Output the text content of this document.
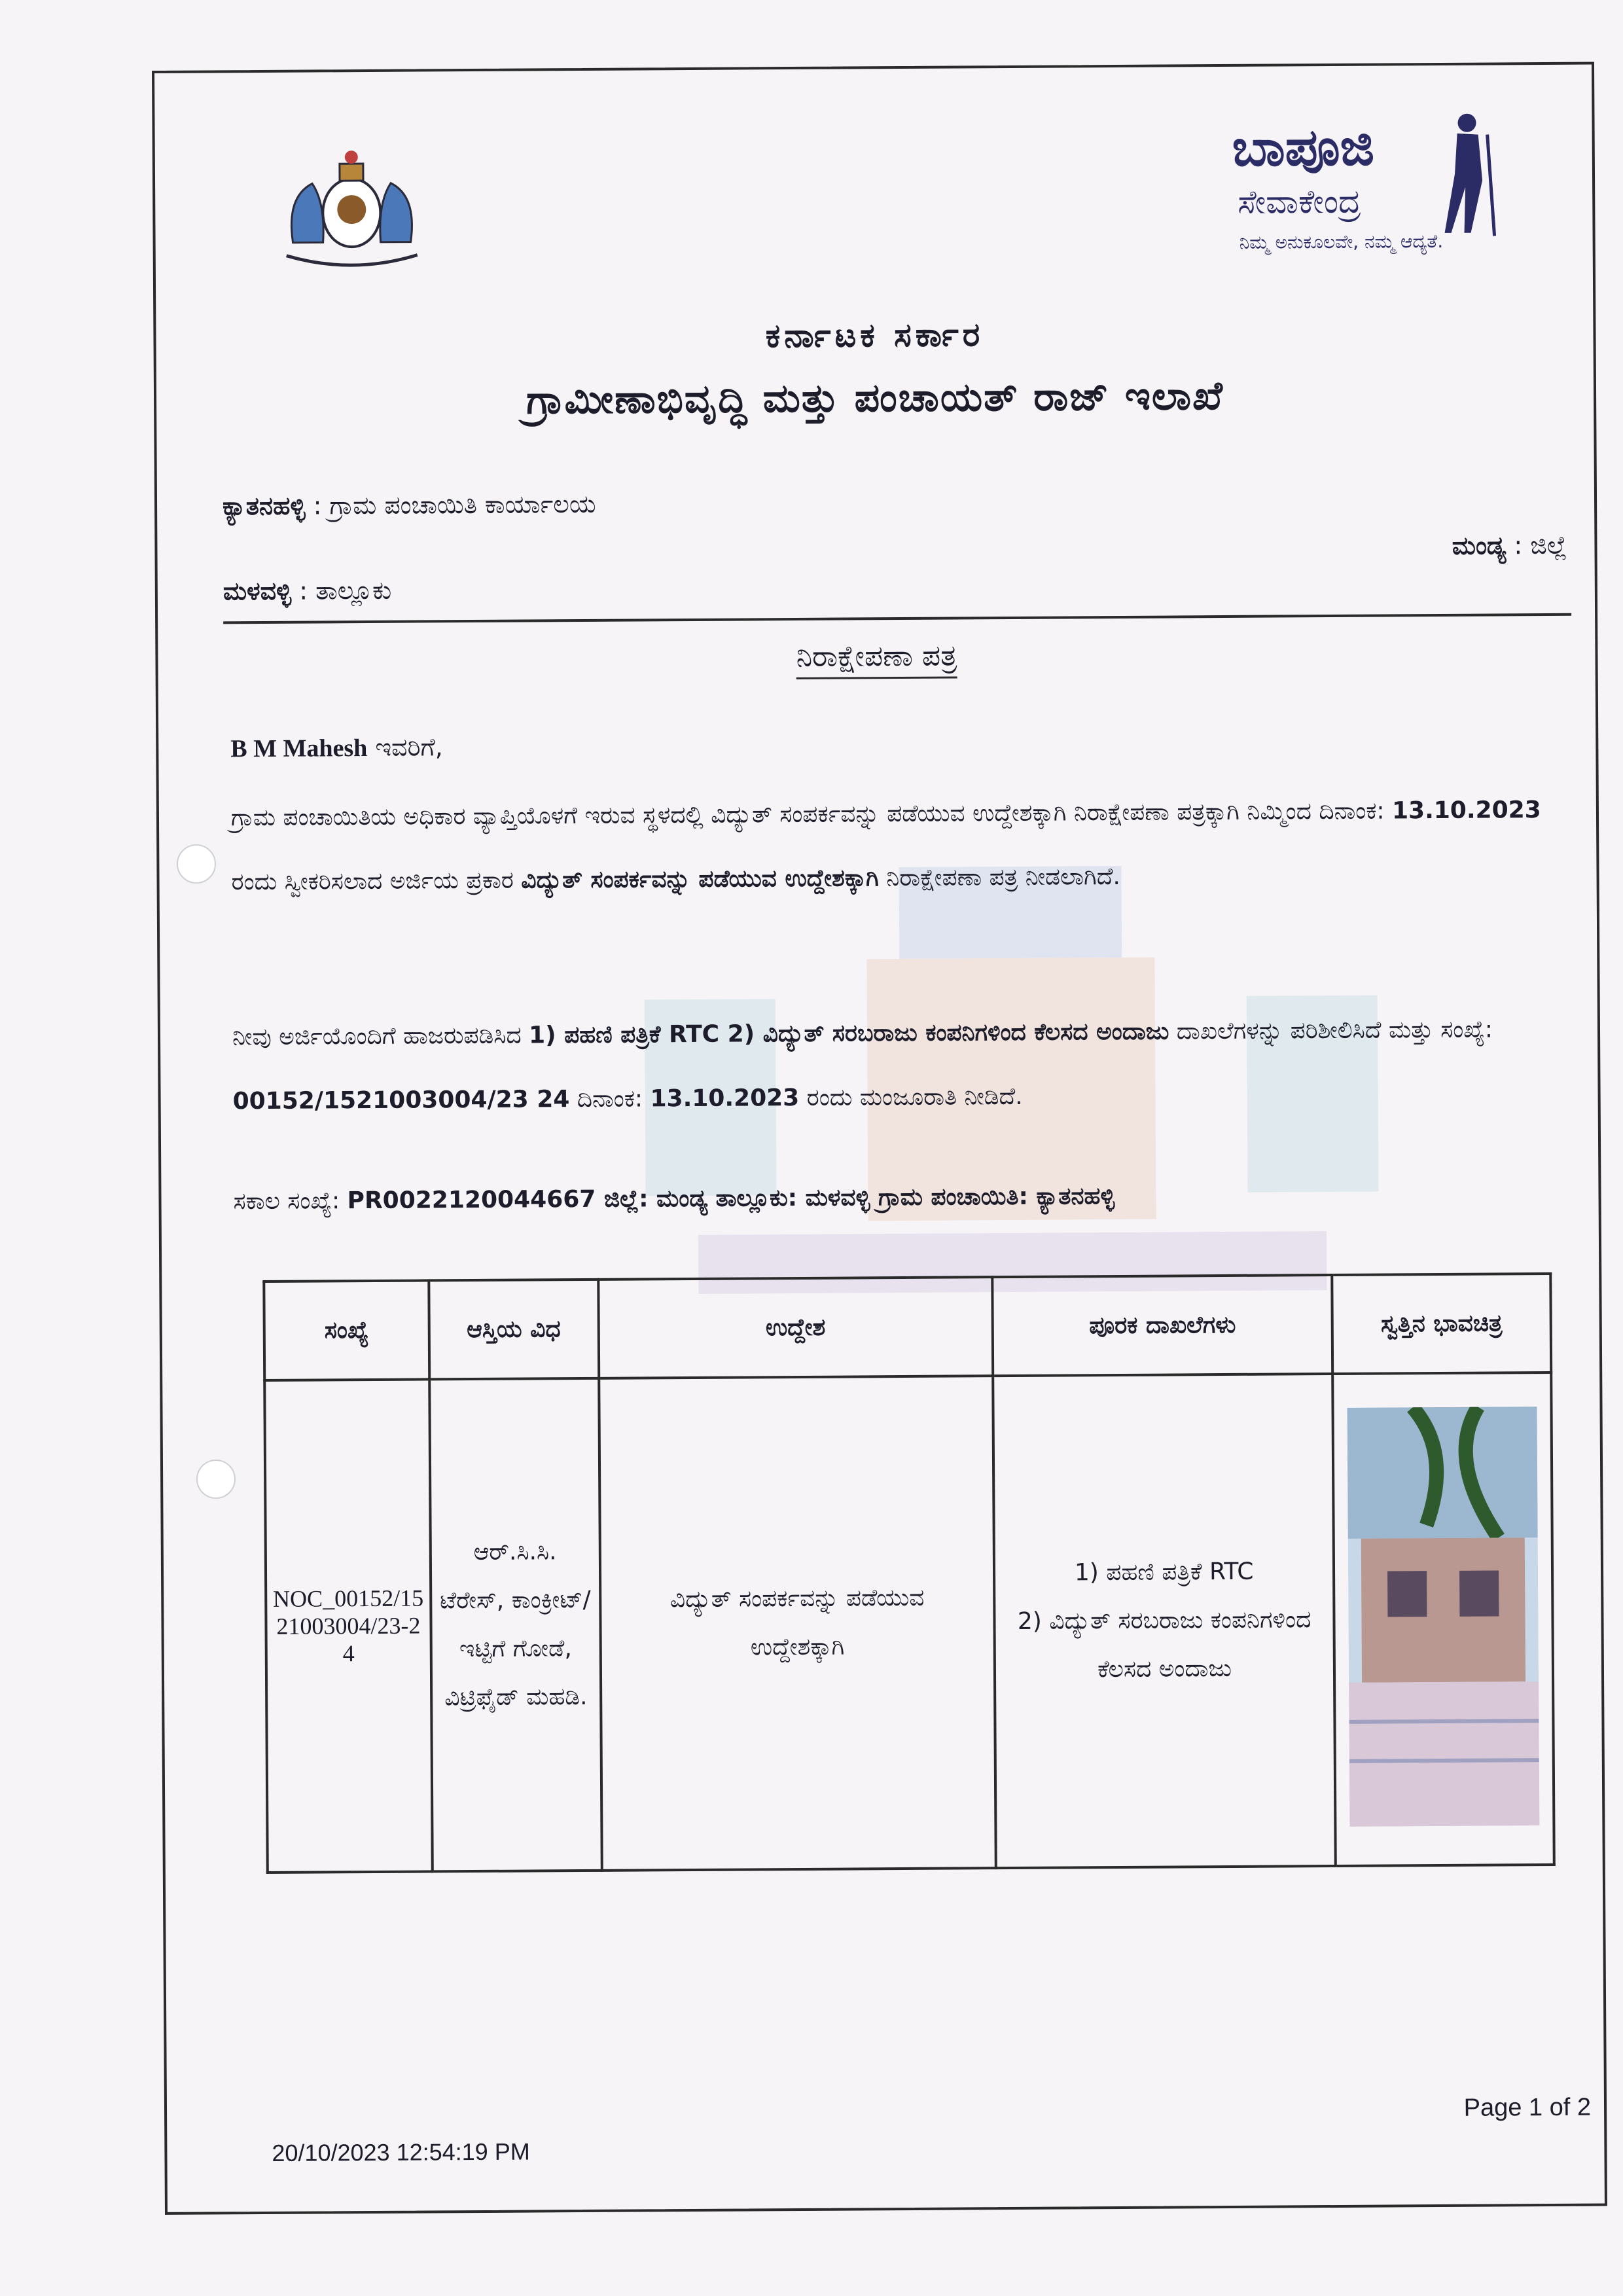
ಬಾಪೂಜಿ
ಸೇವಾಕೇಂದ್ರ
ನಿಮ್ಮ ಅನುಕೂಲವೇ, ನಮ್ಮ ಆದ್ಯತೆ.
ಕರ್ನಾಟಕ ಸರ್ಕಾರ
ಗ್ರಾಮೀಣಾಭಿವೃದ್ಧಿ ಮತ್ತು ಪಂಚಾಯತ್ ರಾಜ್ ಇಲಾಖೆ
ಕ್ಯಾತನಹಳ್ಳಿ : ಗ್ರಾಮ ಪಂಚಾಯಿತಿ ಕಾರ್ಯಾಲಯ
ಮಂಡ್ಯ : ಜಿಲ್ಲೆ
ಮಳವಳ್ಳಿ : ತಾಲ್ಲೂಕು
ನಿರಾಕ್ಷೇಪಣಾ ಪತ್ರ
B M Mahesh ಇವರಿಗೆ,
ಗ್ರಾಮ ಪಂಚಾಯಿತಿಯ ಅಧಿಕಾರ ವ್ಯಾಪ್ತಿಯೊಳಗೆ ಇರುವ ಸ್ಥಳದಲ್ಲಿ ವಿದ್ಯುತ್ ಸಂಪರ್ಕವನ್ನು ಪಡೆಯುವ ಉದ್ದೇಶಕ್ಕಾಗಿ ನಿರಾಕ್ಷೇಪಣಾ ಪತ್ರಕ್ಕಾಗಿ ನಿಮ್ಮಿಂದ ದಿನಾಂಕ: 13.10.2023 ರಂದು ಸ್ವೀಕರಿಸಲಾದ ಅರ್ಜಿಯ ಪ್ರಕಾರ ವಿದ್ಯುತ್ ಸಂಪರ್ಕವನ್ನು ಪಡೆಯುವ ಉದ್ದೇಶಕ್ಕಾಗಿ ನಿರಾಕ್ಷೇಪಣಾ ಪತ್ರ ನೀಡಲಾಗಿದೆ.
ನೀವು ಅರ್ಜಿಯೊಂದಿಗೆ ಹಾಜರುಪಡಿಸಿದ 1) ಪಹಣಿ ಪತ್ರಿಕೆ RTC 2) ವಿದ್ಯುತ್ ಸರಬರಾಜು ಕಂಪನಿಗಳಿಂದ ಕೆಲಸದ ಅಂದಾಜು ದಾಖಲೆಗಳನ್ನು ಪರಿಶೀಲಿಸಿದೆ ಮತ್ತು ಸಂಖ್ಯೆ: 00152/1521003004/23 24 ದಿನಾಂಕ: 13.10.2023 ರಂದು ಮಂಜೂರಾತಿ ನೀಡಿದೆ.
ಸಕಾಲ ಸಂಖ್ಯೆ: PR0022120044667 ಜಿಲ್ಲೆ: ಮಂಡ್ಯ ತಾಲ್ಲೂಕು: ಮಳವಳ್ಳಿ ಗ್ರಾಮ ಪಂಚಾಯಿತಿ: ಕ್ಯಾತನಹಳ್ಳಿ
ಸಂಖ್ಯೆ	ಆಸ್ತಿಯ ವಿಧ	ಉದ್ದೇಶ	ಪೂರಕ ದಾಖಲೆಗಳು	ಸ್ವತ್ತಿನ ಭಾವಚಿತ್ರ
NOC_00152/1521003004/23-24	ಆರ್.ಸಿ.ಸಿ. ಟೆರೇಸ್, ಕಾಂಕ್ರೀಟ್/ಇಟ್ಟಿಗೆ ಗೋಡೆ, ವಿಟ್ರಿಫೈಡ್ ಮಹಡಿ.	ವಿದ್ಯುತ್ ಸಂಪರ್ಕವನ್ನು ಪಡೆಯುವ ಉದ್ದೇಶಕ್ಕಾಗಿ	1) ಪಹಣಿ ಪತ್ರಿಕೆ RTC
2) ವಿದ್ಯುತ್ ಸರಬರಾಜು ಕಂಪನಿಗಳಿಂದ ಕೆಲಸದ ಅಂದಾಜು

Page 1 of 2
20/10/2023 12:54:19 PM
